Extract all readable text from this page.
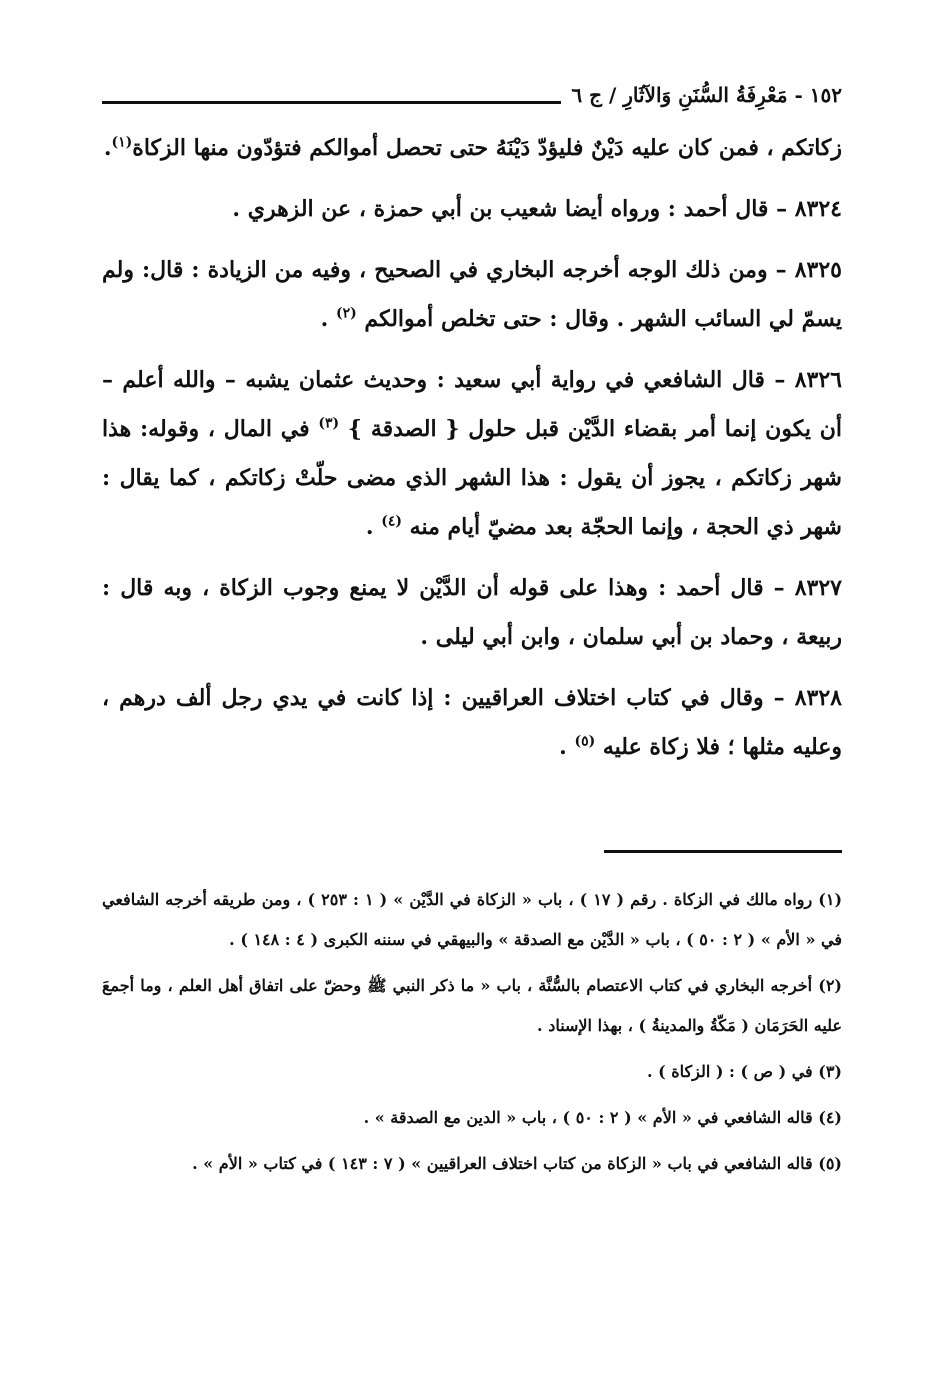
١٥٢ - مَعْرِفَةُ السُّنَنِ وَالآثَارِ / ج ٦

زكاتكم ، فمن كان عليه دَيْنٌ فليؤدّ دَيْنَهُ حتى تحصل أموالكم فتؤدّون منها الزكاة$^{(١)}$.

٨٣٢٤ – قال أحمد : ورواه أيضا شعيب بن أبي حمزة ، عن الزهري .

٨٣٢٥ – ومن ذلك الوجه أخرجه البخاري في الصحيح ، وفيه من الزيادة : قال: ولم يسمّ لي السائب الشهر . وقال : حتى تخلص أموالكم $^{(٢)}$ .

٨٣٢٦ – قال الشافعي في رواية أبي سعيد : وحديث عثمان يشبه – والله أعلم – أن يكون إنما أمر بقضاء الدَّيْن قبل حلول { الصدقة } $^{(٣)}$ في المال ، وقوله: هذا شهر زكاتكم ، يجوز أن يقول : هذا الشهر الذي مضى حلّتْ زكاتكم ، كما يقال : شهر ذي الحجة ، وإنما الحجّة بعد مضيّ أيام منه $^{(٤)}$ .

٨٣٢٧ – قال أحمد : وهذا على قوله أن الدَّيْن لا يمنع وجوب الزكاة ، وبه قال : ربيعة ، وحماد بن أبي سلمان ، وابن أبي ليلى .

٨٣٢٨ – وقال في كتاب اختلاف العراقيين : إذا كانت في يدي رجل ألف درهم ، وعليه مثلها ؛ فلا زكاة عليه $^{(٥)}$ .

(١) رواه مالك في الزكاة . رقم ( ١٧ ) ، باب « الزكاة في الدَّيْن » ( ١ : ٢٥٣ ) ، ومن طريقه أخرجه الشافعي في « الأم » ( ٢ : ٥٠ ) ، باب « الدَّيْن مع الصدقة » والبيهقي في سننه الكبرى ( ٤ : ١٤٨ ) .

(٢) أخرجه البخاري في كتاب الاعتصام بالسُّنَّة ، باب « ما ذكر النبي ﷺ وحضّ على اتفاق أهل العلم ، وما أجمعَ عليه الحَرَمَان ( مَكّةُ والمدينةُ ) ، بهذا الإسناد .

(٣) في ( ص ) : ( الزكاة ) .

(٤) قاله الشافعي في « الأم » ( ٢ : ٥٠ ) ، باب « الدين مع الصدقة » .

(٥) قاله الشافعي في باب « الزكاة من كتاب اختلاف العراقيين » ( ٧ : ١٤٣ ) في كتاب « الأم » .
